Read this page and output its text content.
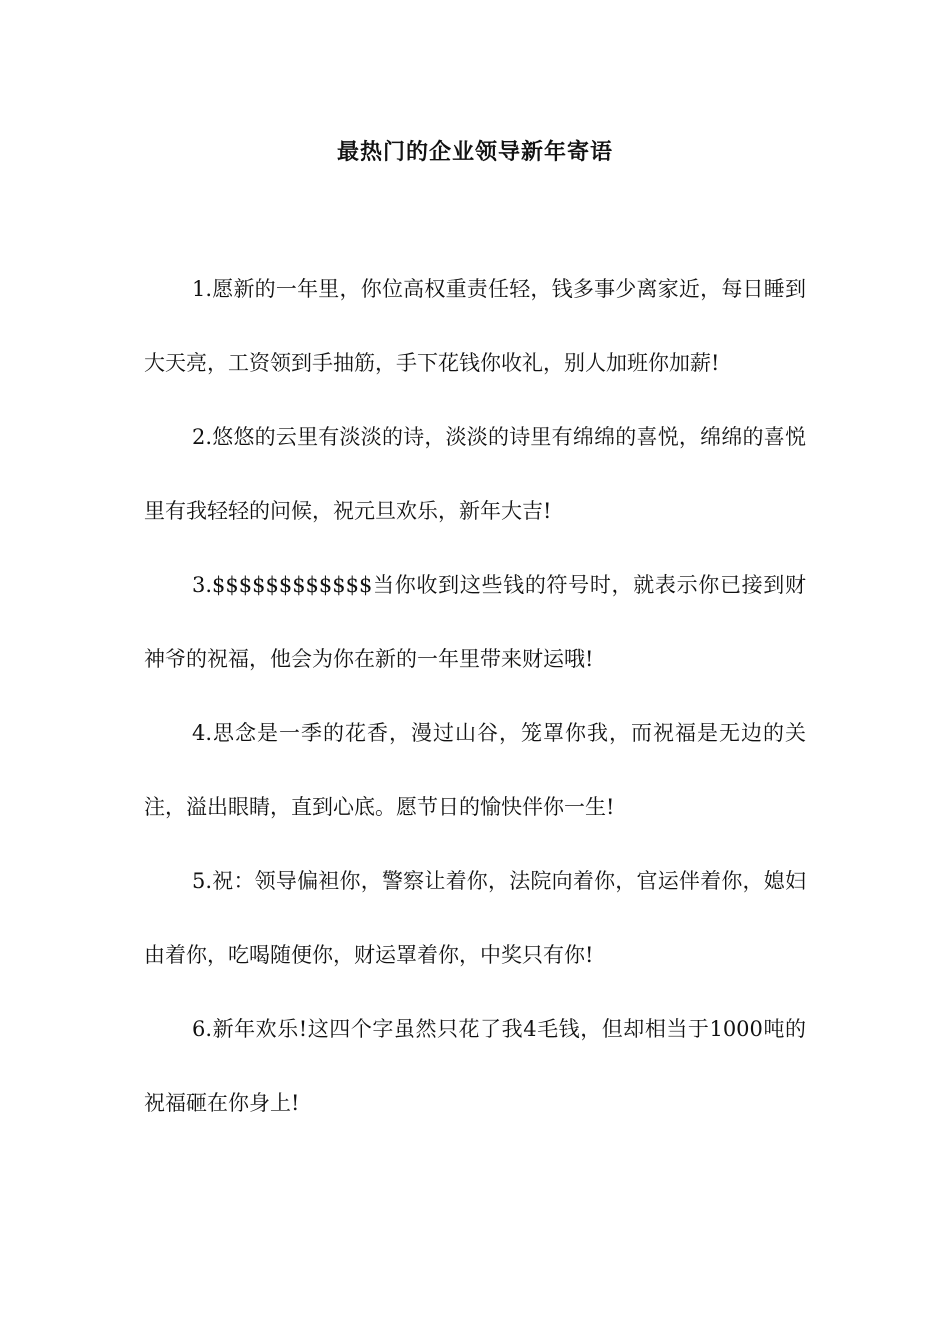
最热门的企业领导新年寄语

1.愿新的一年里，你位高权重责任轻，钱多事少离家近，每日睡到大天亮，工资领到手抽筋，手下花钱你收礼，别人加班你加薪!

2.悠悠的云里有淡淡的诗，淡淡的诗里有绵绵的喜悦，绵绵的喜悦里有我轻轻的问候，祝元旦欢乐，新年大吉!

3.$$$$$$$$$$$$当你收到这些钱的符号时，就表示你已接到财神爷的祝福，他会为你在新的一年里带来财运哦!

4.思念是一季的花香，漫过山谷，笼罩你我，而祝福是无边的关注，溢出眼睛，直到心底。愿节日的愉快伴你一生!

5.祝：领导偏袒你，警察让着你，法院向着你，官运伴着你，媳妇由着你，吃喝随便你，财运罩着你，中奖只有你!

6.新年欢乐!这四个字虽然只花了我4毛钱，但却相当于1000吨的祝福砸在你身上!
